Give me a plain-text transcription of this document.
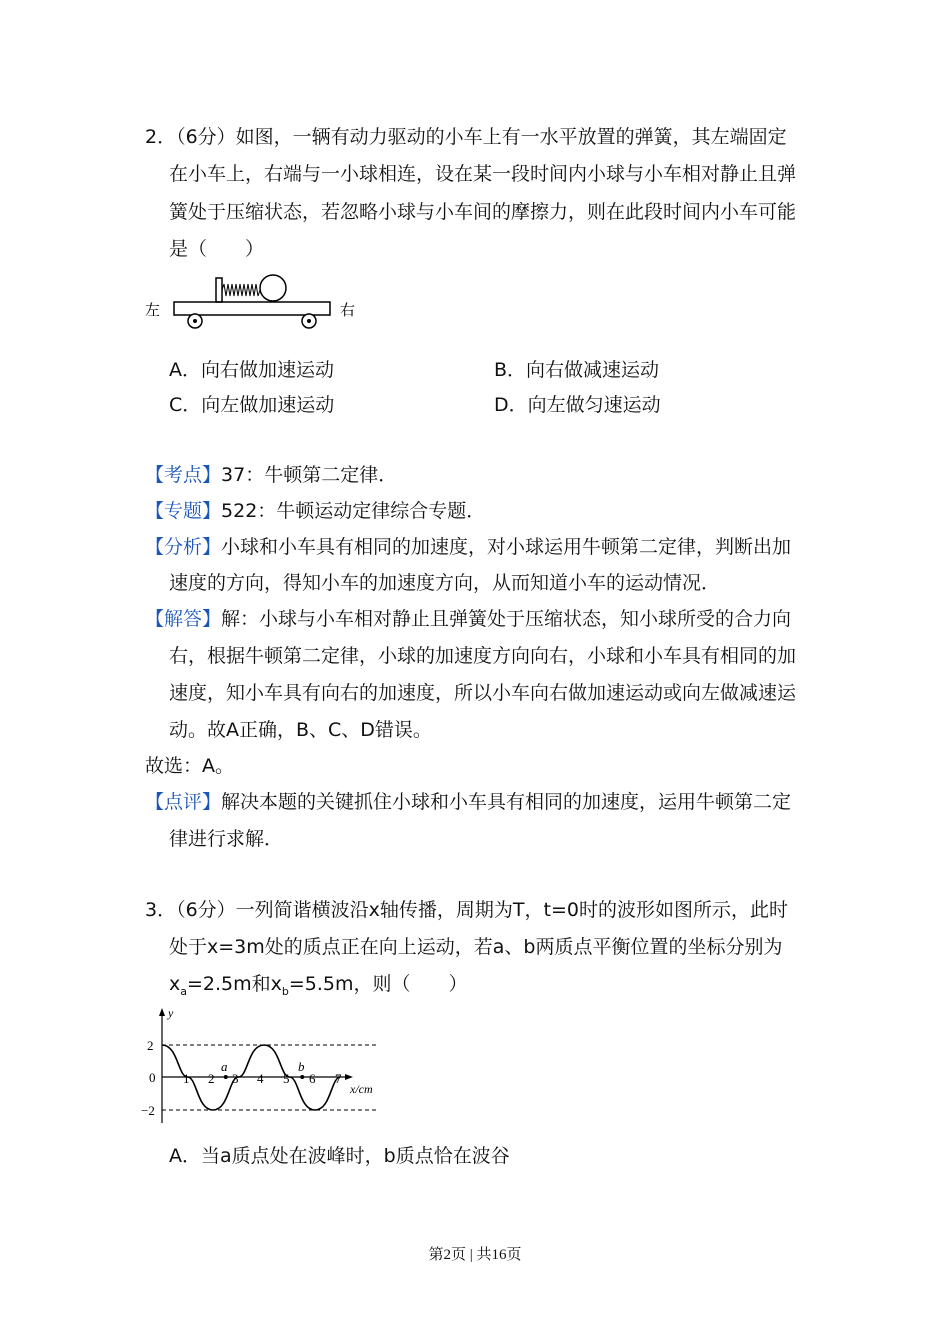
2．（6分）如图，一辆有动力驱动的小车上有一水平放置的弹簧，其左端固定
在小车上，右端与一小球相连，设在某一段时间内小球与小车相对静止且弹
簧处于压缩状态，若忽略小球与小车间的摩擦力，则在此段时间内小车可能
是（　　）
左	右
A．向右做加速运动	B．向右做减速运动
C．向左做加速运动	D．向左做匀速运动
【考点】37：牛顿第二定律．
【专题】522：牛顿运动定律综合专题．
【分析】小球和小车具有相同的加速度，对小球运用牛顿第二定律，判断出加
速度的方向，得知小车的加速度方向，从而知道小车的运动情况．
【解答】解：小球与小车相对静止且弹簧处于压缩状态，知小球所受的合力向
右，根据牛顿第二定律，小球的加速度方向向右，小球和小车具有相同的加
速度，知小车具有向右的加速度，所以小车向右做加速运动或向左做减速运
动。故A正确，B、C、D错误。
故选：A。
【点评】解决本题的关键抓住小球和小车具有相同的加速度，运用牛顿第二定
律进行求解．
3．（6分）一列简谐横波沿x轴传播，周期为T，t=0时的波形如图所示，此时
处于x=3m处的质点正在向上运动，若a、b两质点平衡位置的坐标分别为
$x_a=2.5m$和$x_b=5.5m$，则（　　）
y
x/cm
2
0
−2
1 2 3 4 5 6 7
a	b
A．当a质点处在波峰时，b质点恰在波谷
第2页 | 共16页
